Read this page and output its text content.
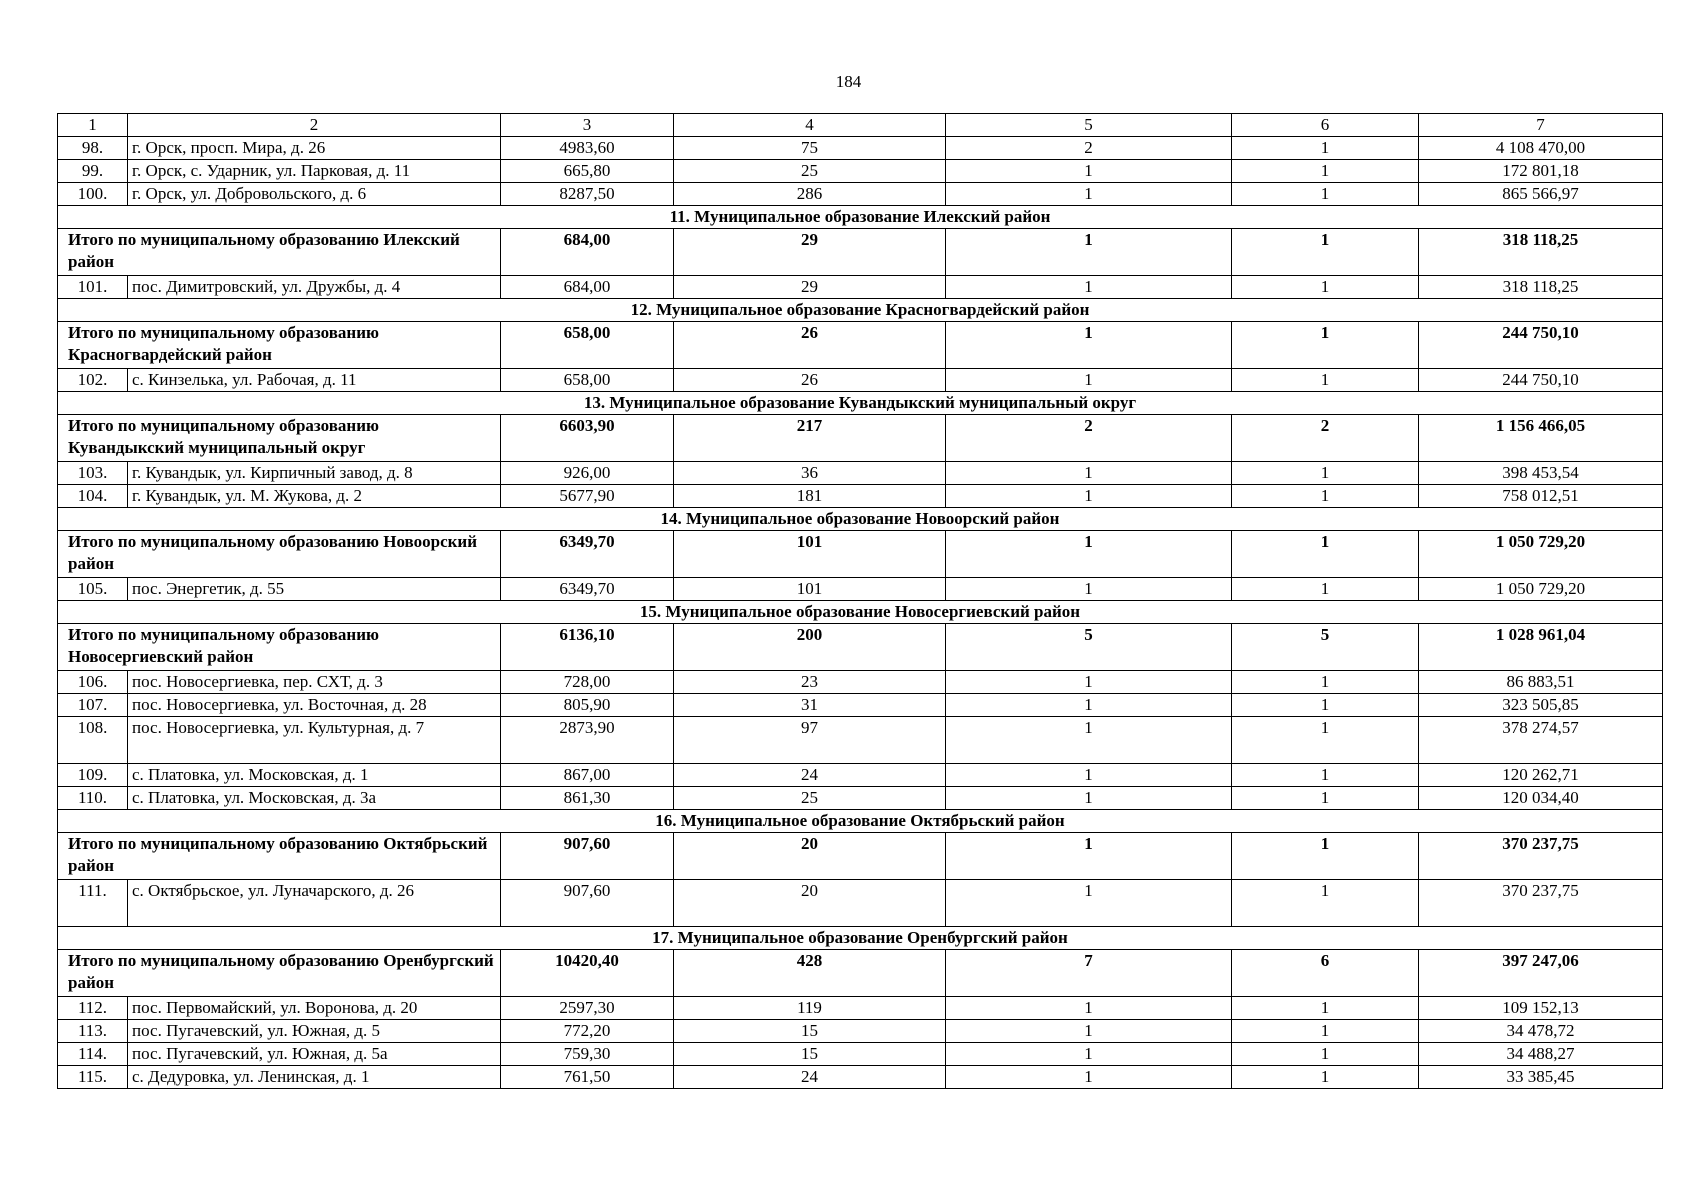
184
1	2	3	4	5	6	7
98.	г. Орск, просп. Мира, д. 26	4983,60	75	2	1	4 108 470,00
99.	г. Орск, с. Ударник, ул. Парковая, д. 11	665,80	25	1	1	172 801,18
100.	г. Орск, ул. Добровольского, д. 6	8287,50	286	1	1	865 566,97
11. Муниципальное образование Илекский район						
Итого по муниципальному образованию Илекский район		684,00	29	1	1	318 118,25
101.	пос. Димитровский, ул. Дружбы, д. 4	684,00	29	1	1	318 118,25
12. Муниципальное образование Красногвардейский район						
Итого по муниципальному образованию Красногвардейский район		658,00	26	1	1	244 750,10
102.	с. Кинзелька, ул. Рабочая, д. 11	658,00	26	1	1	244 750,10
13. Муниципальное образование Кувандыкский муниципальный округ						
Итого по муниципальному образованию Кувандыкский муниципальный округ		6603,90	217	2	2	1 156 466,05
103.	г. Кувандык, ул. Кирпичный завод, д. 8	926,00	36	1	1	398 453,54
104.	г. Кувандык, ул. М. Жукова, д. 2	5677,90	181	1	1	758 012,51
14. Муниципальное образование Новоорский район						
Итого по муниципальному образованию Новоорский район		6349,70	101	1	1	1 050 729,20
105.	пос. Энергетик, д. 55	6349,70	101	1	1	1 050 729,20
15. Муниципальное образование Новосергиевский район						
Итого по муниципальному образованию Новосергиевский район		6136,10	200	5	5	1 028 961,04
106.	пос. Новосергиевка, пер. СХТ, д. 3	728,00	23	1	1	86 883,51
107.	пос. Новосергиевка, ул. Восточная, д. 28	805,90	31	1	1	323 505,85
108.	пос. Новосергиевка, ул. Культурная, д. 7	2873,90	97	1	1	378 274,57
109.	с. Платовка, ул. Московская, д. 1	867,00	24	1	1	120 262,71
110.	с. Платовка, ул. Московская, д. 3а	861,30	25	1	1	120 034,40
16. Муниципальное образование Октябрьский район						
Итого по муниципальному образованию Октябрьский район		907,60	20	1	1	370 237,75
111.	с. Октябрьское, ул. Луначарского, д. 26	907,60	20	1	1	370 237,75
17. Муниципальное образование Оренбургский район						
Итого по муниципальному образованию Оренбургский район		10420,40	428	7	6	397 247,06
112.	пос. Первомайский, ул. Воронова, д. 20	2597,30	119	1	1	109 152,13
113.	пос. Пугачевский, ул. Южная, д. 5	772,20	15	1	1	34 478,72
114.	пос. Пугачевский, ул. Южная, д. 5а	759,30	15	1	1	34 488,27
115.	с. Дедуровка, ул. Ленинская, д. 1	761,50	24	1	1	33 385,45
